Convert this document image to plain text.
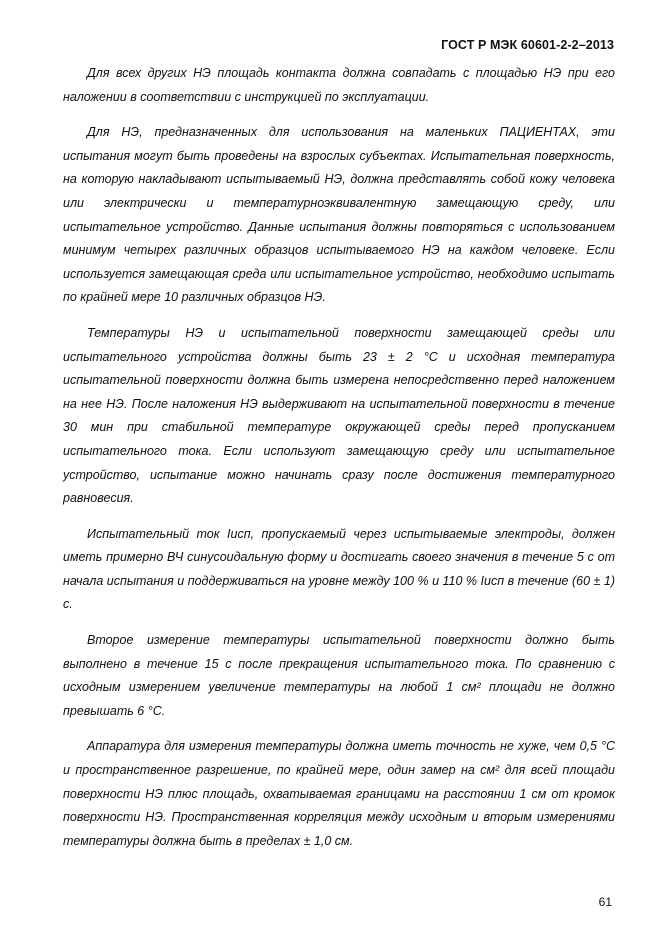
ГОСТ Р МЭК 60601-2-2–2013

Для всех других НЭ площадь контакта должна совпадать с площадью НЭ при его наложении в соответствии с инструкцией по эксплуатации.

Для НЭ, предназначенных для использования на маленьких ПАЦИЕНТАХ, эти испытания могут быть проведены на взрослых субъектах. Испытательная поверхность, на которую накладывают испытываемый НЭ, должна представлять собой кожу человека или электрически и температурноэквивалентную замещающую среду, или испытательное устройство. Данные испытания должны повторяться с использованием минимум четырех различных образцов испытываемого НЭ на каждом человеке. Если используется замещающая среда или испытательное устройство, необходимо испытать по крайней мере 10 различных образцов НЭ.

Температуры НЭ и испытательной поверхности замещающей среды или испытательного устройства должны быть 23 ± 2 °С и исходная температура испытательной поверхности должна быть измерена непосредственно перед наложением на нее НЭ. После наложения НЭ выдерживают на испытательной поверхности в течение 30 мин при стабильной температуре окружающей среды перед пропусканием испытательного тока. Если используют замещающую среду или испытательное устройство, испытание можно начинать сразу после достижения температурного равновесия.

Испытательный ток Iисп, пропускаемый через испытываемые электроды, должен иметь примерно ВЧ синусоидальную форму и достигать своего значения в течение 5 с от начала испытания и поддерживаться на уровне между 100 % и 110 % Iисп в течение (60 ± 1) с.

Второе измерение температуры испытательной поверхности должно быть выполнено в течение 15 с после прекращения испытательного тока. По сравнению с исходным измерением увеличение температуры на любой 1 см² площади не должно превышать 6 °С.

Аппаратура для измерения температуры должна иметь точность не хуже, чем 0,5 °С и пространственное разрешение, по крайней мере, один замер на см² для всей площади поверхности НЭ плюс площадь, охватываемая границами на расстоянии 1 см от кромок поверхности НЭ. Пространственная корреляция между исходным и вторым измерениями температуры должна быть в пределах ± 1,0 см.

61
